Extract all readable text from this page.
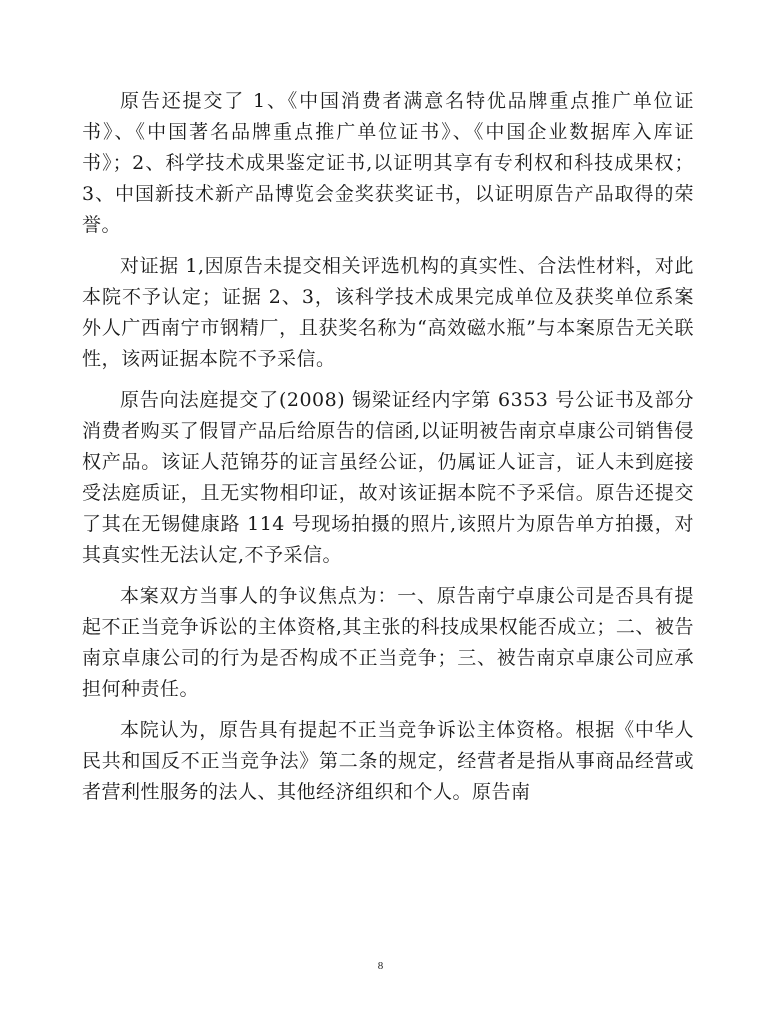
原告还提交了 1、《中国消费者满意名特优品牌重点推广单位证书》、《中国著名品牌重点推广单位证书》、《中国企业数据库入库证书》；2、科学技术成果鉴定证书,以证明其享有专利权和科技成果权；3、中国新技术新产品博览会金奖获奖证书，以证明原告产品取得的荣誉。

对证据 1,因原告未提交相关评选机构的真实性、合法性材料，对此本院不予认定；证据 2、3，该科学技术成果完成单位及获奖单位系案外人广西南宁市钢精厂，且获奖名称为“高效磁水瓶”与本案原告无关联性，该两证据本院不予采信。

原告向法庭提交了(2008) 锡梁证经内字第 6353 号公证书及部分消费者购买了假冒产品后给原告的信函,以证明被告南京卓康公司销售侵权产品。该证人范锦芬的证言虽经公证，仍属证人证言，证人未到庭接受法庭质证，且无实物相印证，故对该证据本院不予采信。原告还提交了其在无锡健康路 114 号现场拍摄的照片,该照片为原告单方拍摄，对其真实性无法认定,不予采信。

本案双方当事人的争议焦点为：一、原告南宁卓康公司是否具有提起不正当竞争诉讼的主体资格,其主张的科技成果权能否成立；二、被告南京卓康公司的行为是否构成不正当竞争；三、被告南京卓康公司应承担何种责任。

本院认为，原告具有提起不正当竞争诉讼主体资格。根据《中华人民共和国反不正当竞争法》第二条的规定，经营者是指从事商品经营或者营利性服务的法人、其他经济组织和个人。原告南

8
